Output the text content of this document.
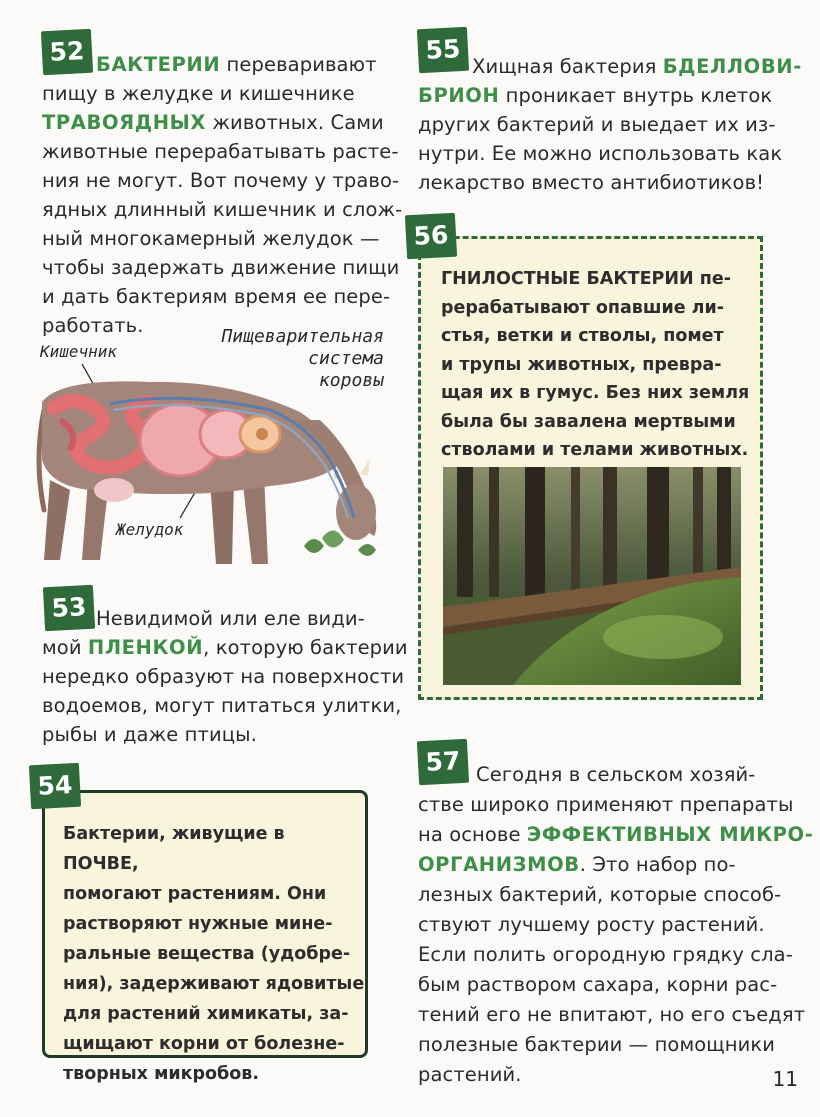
52 БАКТЕРИИ переваривают

пищу в желудке и кишечнике

ТРАВОЯДНЫХ животных. Сами

животные перерабатывать расте-

ния не могут. Вот почему у траво-

ядных длинный кишечник и слож-

ный многокамерный желудок —

чтобы задержать движение пищи

и дать бактериям время ее пере-

работать.	Пищеварительная
система
коровы
Кишечник
Желудок
53 Невидимой или еле види-

мой ПЛЕНКОЙ, которую бактерии

нередко образуют на поверхности

водоемов, могут питаться улитки,

рыбы и даже птицы.

Бактерии, живущие в ПОЧВЕ,

помогают растениям. Они

растворяют нужные мине-

ральные вещества (удобре-

ния), задерживают ядовитые

для растений химикаты, за-

щищают корни от болезне-

творных микробов.

54
55

Хищная бактерия БДЕЛЛОВИ-

БРИОН проникает внутрь клеток

других бактерий и выедает их из-

нутри. Ее можно использовать как

лекарство вместо антибиотиков!

ГНИЛОСТНЫЕ БАКТЕРИИ пе-

рерабатывают опавшие ли-

стья, ветки и стволы, помет

и трупы животных, превра-

щая их в гумус. Без них земля

была бы завалена мертвыми

стволами и телами животных.

56
57 Сегодня в сельском хозяй-

стве широко применяют препараты

на основе ЭФФЕКТИВНЫХ МИКРО-

ОРГАНИЗМОВ. Это набор по-

лезных бактерий, которые способ-

ствуют лучшему росту растений.

Если полить огородную грядку сла-

бым раствором сахара, корни рас-

тений его не впитают, но его съедят

полезные бактерии — помощники

растений.	11
